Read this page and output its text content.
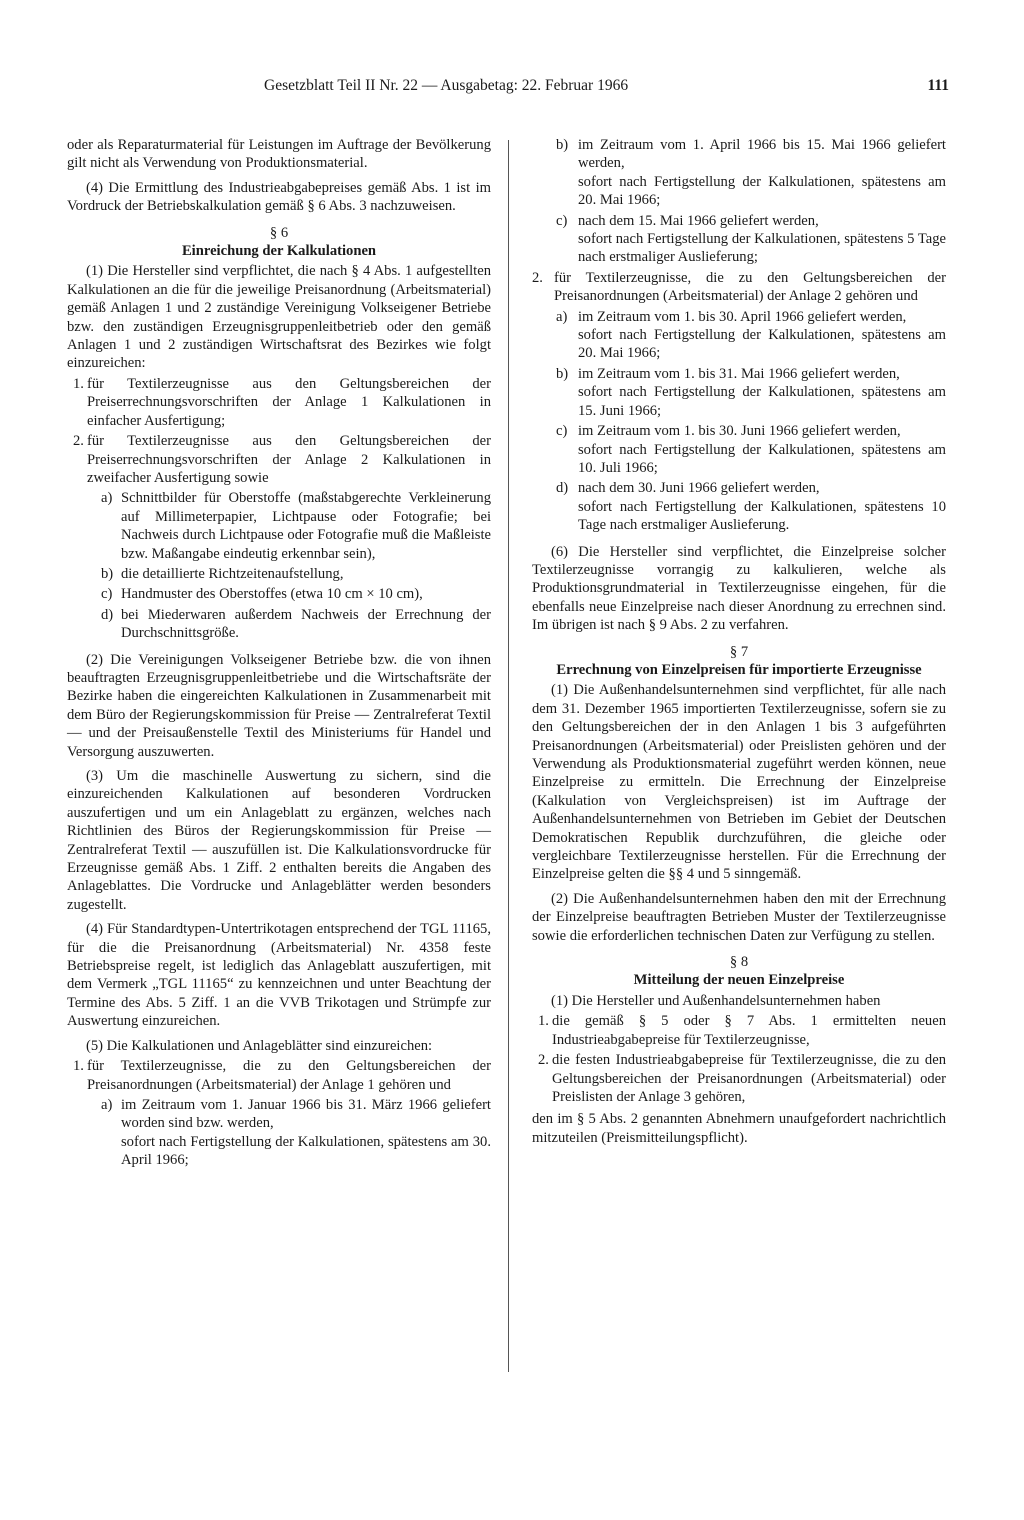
Gesetzblatt Teil II Nr. 22 — Ausgabetag: 22. Februar 1966	111

oder als Reparaturmaterial für Leistungen im Auftrage der Bevölkerung gilt nicht als Verwendung von Produktionsmaterial.

(4) Die Ermittlung des Industrieabgabepreises gemäß Abs. 1 ist im Vordruck der Betriebskalkulation gemäß § 6 Abs. 3 nachzuweisen.

§ 6
Einreichung der Kalkulationen

(1) Die Hersteller sind verpflichtet, die nach § 4 Abs. 1 aufgestellten Kalkulationen an die für die jeweilige Preisanordnung (Arbeitsmaterial) gemäß Anlagen 1 und 2 zuständige Vereinigung Volkseigener Betriebe bzw. den zuständigen Erzeugnisgruppenleitbetrieb oder den gemäß Anlagen 1 und 2 zuständigen Wirtschaftsrat des Bezirkes wie folgt einzureichen:

1. für Textilerzeugnisse aus den Geltungsbereichen der Preiserrechnungsvorschriften der Anlage 1 Kalkulationen in einfacher Ausfertigung;
2. für Textilerzeugnisse aus den Geltungsbereichen der Preiserrechnungsvorschriften der Anlage 2 Kalkulationen in zweifacher Ausfertigung sowie
a) Schnittbilder für Oberstoffe (maßstabgerechte Verkleinerung auf Millimeterpapier, Lichtpause oder Fotografie; bei Nachweis durch Lichtpause oder Fotografie muß die Maßleiste bzw. Maßangabe eindeutig erkennbar sein),
b) die detaillierte Richtzeitenaufstellung,
c) Handmuster des Oberstoffes (etwa 10 cm × 10 cm),
d) bei Miederwaren außerdem Nachweis der Errechnung der Durchschnittsgröße.

(2) Die Vereinigungen Volkseigener Betriebe bzw. die von ihnen beauftragten Erzeugnisgruppenleitbetriebe und die Wirtschaftsräte der Bezirke haben die eingereichten Kalkulationen in Zusammenarbeit mit dem Büro der Regierungskommission für Preise — Zentralreferat Textil — und der Preisaußenstelle Textil des Ministeriums für Handel und Versorgung auszuwerten.

(3) Um die maschinelle Auswertung zu sichern, sind die einzureichenden Kalkulationen auf besonderen Vordrucken auszufertigen und um ein Anlageblatt zu ergänzen, welches nach Richtlinien des Büros der Regierungskommission für Preise — Zentralreferat Textil — auszufüllen ist. Die Kalkulationsvordrucke für Erzeugnisse gemäß Abs. 1 Ziff. 2 enthalten bereits die Angaben des Anlageblattes. Die Vordrucke und Anlageblätter werden besonders zugestellt.

(4) Für Standardtypen-Untertrikotagen entsprechend der TGL 11165, für die die Preisanordnung (Arbeitsmaterial) Nr. 4358 feste Betriebspreise regelt, ist lediglich das Anlageblatt auszufertigen, mit dem Vermerk „TGL 11165“ zu kennzeichnen und unter Beachtung der Termine des Abs. 5 Ziff. 1 an die VVB Trikotagen und Strümpfe zur Auswertung einzureichen.

(5) Die Kalkulationen und Anlageblätter sind einzureichen:

1. für Textilerzeugnisse, die zu den Geltungsbereichen der Preisanordnungen (Arbeitsmaterial) der Anlage 1 gehören und
a) im Zeitraum vom 1. Januar 1966 bis 31. März 1966 geliefert worden sind bzw. werden,
sofort nach Fertigstellung der Kalkulationen, spätestens am 30. April 1966;
b) im Zeitraum vom 1. April 1966 bis 15. Mai 1966 geliefert werden,
sofort nach Fertigstellung der Kalkulationen, spätestens am 20. Mai 1966;
c) nach dem 15. Mai 1966 geliefert werden,
sofort nach Fertigstellung der Kalkulationen, spätestens 5 Tage nach erstmaliger Auslieferung;
2. für Textilerzeugnisse, die zu den Geltungsbereichen der Preisanordnungen (Arbeitsmaterial) der Anlage 2 gehören und
a) im Zeitraum vom 1. bis 30. April 1966 geliefert werden,
sofort nach Fertigstellung der Kalkulationen, spätestens am 20. Mai 1966;
b) im Zeitraum vom 1. bis 31. Mai 1966 geliefert werden,
sofort nach Fertigstellung der Kalkulationen, spätestens am 15. Juni 1966;
c) im Zeitraum vom 1. bis 30. Juni 1966 geliefert werden,
sofort nach Fertigstellung der Kalkulationen, spätestens am 10. Juli 1966;
d) nach dem 30. Juni 1966 geliefert werden,
sofort nach Fertigstellung der Kalkulationen, spätestens 10 Tage nach erstmaliger Auslieferung.

(6) Die Hersteller sind verpflichtet, die Einzelpreise solcher Textilerzeugnisse vorrangig zu kalkulieren, welche als Produktionsgrundmaterial in Textilerzeugnisse eingehen, für die ebenfalls neue Einzelpreise nach dieser Anordnung zu errechnen sind. Im übrigen ist nach § 9 Abs. 2 zu verfahren.

§ 7
Errechnung von Einzelpreisen für importierte Erzeugnisse

(1) Die Außenhandelsunternehmen sind verpflichtet, für alle nach dem 31. Dezember 1965 importierten Textilerzeugnisse, sofern sie zu den Geltungsbereichen der in den Anlagen 1 bis 3 aufgeführten Preisanordnungen (Arbeitsmaterial) oder Preislisten gehören und der Verwendung als Produktionsmaterial zugeführt werden können, neue Einzelpreise zu ermitteln. Die Errechnung der Einzelpreise (Kalkulation von Vergleichspreisen) ist im Auftrage der Außenhandelsunternehmen von Betrieben im Gebiet der Deutschen Demokratischen Republik durchzuführen, die gleiche oder vergleichbare Textilerzeugnisse herstellen. Für die Errechnung der Einzelpreise gelten die §§ 4 und 5 sinngemäß.

(2) Die Außenhandelsunternehmen haben den mit der Errechnung der Einzelpreise beauftragten Betrieben Muster der Textilerzeugnisse sowie die erforderlichen technischen Daten zur Verfügung zu stellen.

§ 8
Mitteilung der neuen Einzelpreise

(1) Die Hersteller und Außenhandelsunternehmen haben

1. die gemäß § 5 oder § 7 Abs. 1 ermittelten neuen Industrieabgabepreise für Textilerzeugnisse,
2. die festen Industrieabgabepreise für Textilerzeugnisse, die zu den Geltungsbereichen der Preisanordnungen (Arbeitsmaterial) oder Preislisten der Anlage 3 gehören,

den im § 5 Abs. 2 genannten Abnehmern unaufgefordert nachrichtlich mitzuteilen (Preismitteilungspflicht).
